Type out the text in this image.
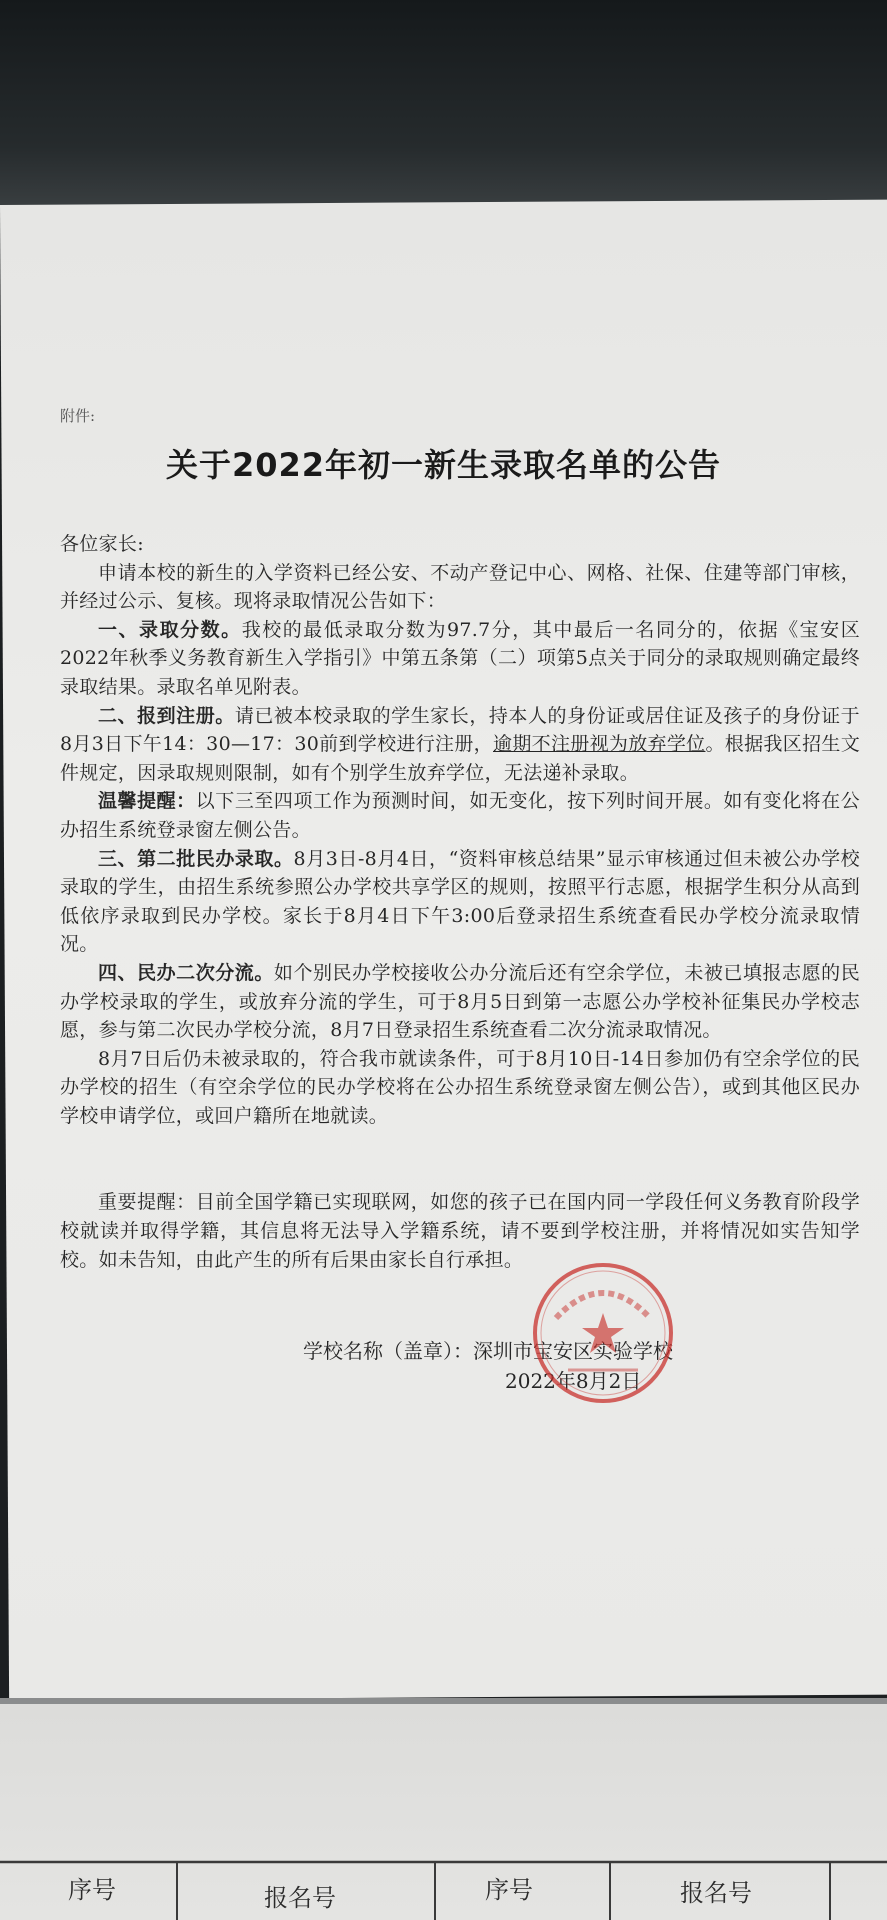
附件:
关于2022年初一新生录取名单的公告

各位家长:

申请本校的新生的入学资料已经公安、不动产登记中心、网格、社保、住建等部门审核，并经过公示、复核。现将录取情况公告如下：

一、录取分数。我校的最低录取分数为97.7分，其中最后一名同分的，依据《宝安区2022年秋季义务教育新生入学指引》中第五条第（二）项第5点关于同分的录取规则确定最终录取结果。录取名单见附表。

二、报到注册。请已被本校录取的学生家长，持本人的身份证或居住证及孩子的身份证于8月3日下午14：30—17：30前到学校进行注册，逾期不注册视为放弃学位。根据我区招生文件规定，因录取规则限制，如有个别学生放弃学位，无法递补录取。

温馨提醒：以下三至四项工作为预测时间，如无变化，按下列时间开展。如有变化将在公办招生系统登录窗左侧公告。

三、第二批民办录取。8月3日-8月4日，“资料审核总结果”显示审核通过但未被公办学校录取的学生，由招生系统参照公办学校共享学区的规则，按照平行志愿，根据学生积分从高到低依序录取到民办学校。家长于8月4日下午3:00后登录招生系统查看民办学校分流录取情况。

四、民办二次分流。如个别民办学校接收公办分流后还有空余学位，未被已填报志愿的民办学校录取的学生，或放弃分流的学生，可于8月5日到第一志愿公办学校补征集民办学校志愿，参与第二次民办学校分流，8月7日登录招生系统查看二次分流录取情况。

8月7日后仍未被录取的，符合我市就读条件，可于8月10日-14日参加仍有空余学位的民办学校的招生（有空余学位的民办学校将在公办招生系统登录窗左侧公告），或到其他区民办学校申请学位，或回户籍所在地就读。

重要提醒：目前全国学籍已实现联网，如您的孩子已在国内同一学段任何义务教育阶段学校就读并取得学籍，其信息将无法导入学籍系统，请不要到学校注册，并将情况如实告知学校。如未告知，由此产生的所有后果由家长自行承担。

学校名称（盖章）：深圳市宝安区实验学校
2022年8月2日
序号	报名号	序号	报名号
